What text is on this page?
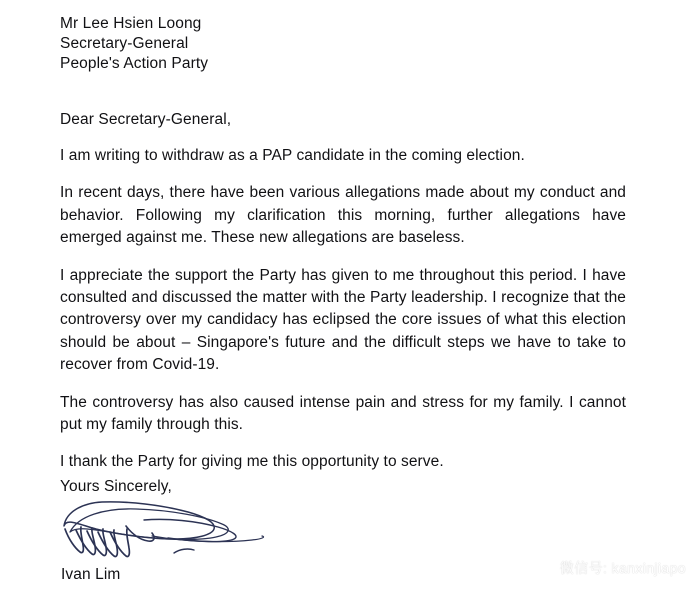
Mr Lee Hsien Loong
Secretary-General
People's Action Party
Dear Secretary-General,

I am writing to withdraw as a PAP candidate in the coming election.

In recent days, there have been various allegations made about my conduct and behavior. Following my clarification this morning, further allegations have emerged against me. These new allegations are baseless.

I appreciate the support the Party has given to me throughout this period. I have consulted and discussed the matter with the Party leadership. I recognize that the controversy over my candidacy has eclipsed the core issues of what this election should be about – Singapore's future and the difficult steps we have to take to recover from Covid-19.

The controversy has also caused intense pain and stress for my family. I cannot put my family through this.

I thank the Party for giving me this opportunity to serve.

Yours Sincerely,
Ivan Lim	微信号: kanxinjiapo
